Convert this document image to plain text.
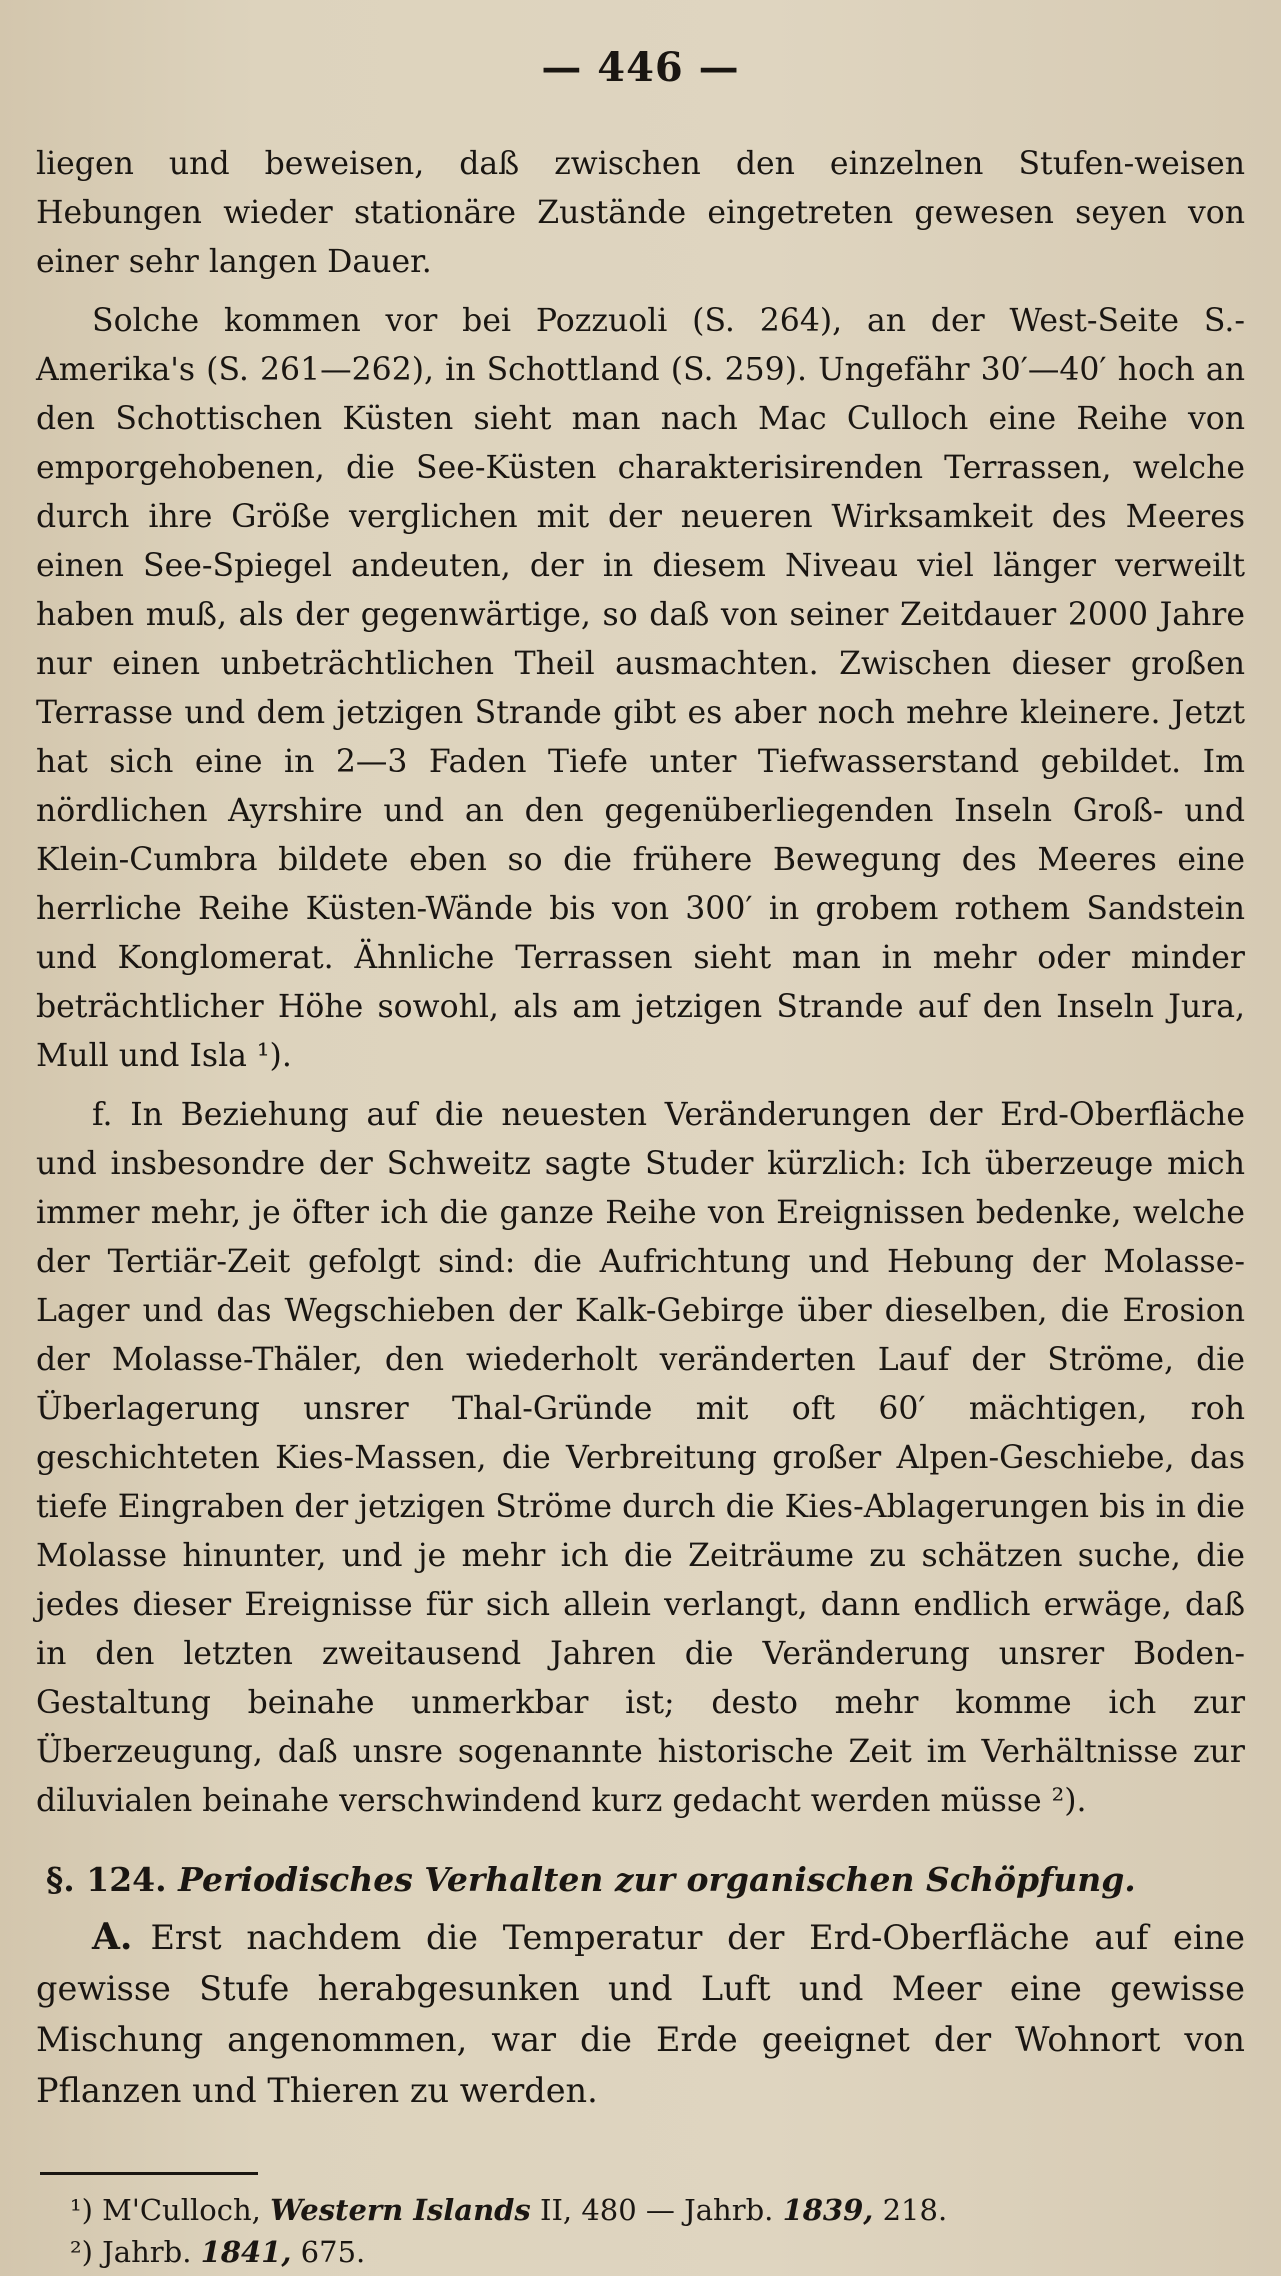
— 446 —

liegen und beweisen, daß zwischen den einzelnen Stufen-weisen Hebungen wieder stationäre Zustände eingetreten gewesen seyen von einer sehr langen Dauer.

Solche kommen vor bei Pozzuoli (S. 264), an der West-Seite S.-Amerika's (S. 261—262), in Schottland (S. 259). Ungefähr 30′—40′ hoch an den Schottischen Küsten sieht man nach Mac Culloch eine Reihe von emporgehobenen, die See-Küsten charakterisirenden Terrassen, welche durch ihre Größe verglichen mit der neueren Wirksamkeit des Meeres einen See-Spiegel andeuten, der in diesem Niveau viel länger verweilt haben muß, als der gegenwärtige, so daß von seiner Zeitdauer 2000 Jahre nur einen unbeträchtlichen Theil ausmachten. Zwischen dieser großen Terrasse und dem jetzigen Strande gibt es aber noch mehre kleinere. Jetzt hat sich eine in 2—3 Faden Tiefe unter Tiefwasserstand gebildet. Im nördlichen Ayrshire und an den gegenüberliegenden Inseln Groß- und Klein-Cumbra bildete eben so die frühere Bewegung des Meeres eine herrliche Reihe Küsten-Wände bis von 300′ in grobem rothem Sandstein und Konglomerat. Ähnliche Terrassen sieht man in mehr oder minder beträchtlicher Höhe sowohl, als am jetzigen Strande auf den Inseln Jura, Mull und Isla ¹).

f. In Beziehung auf die neuesten Veränderungen der Erd-Oberfläche und insbesondre der Schweitz sagte Studer kürzlich: Ich überzeuge mich immer mehr, je öfter ich die ganze Reihe von Ereignissen bedenke, welche der Tertiär-Zeit gefolgt sind: die Aufrichtung und Hebung der Molasse-Lager und das Wegschieben der Kalk-Gebirge über dieselben, die Erosion der Molasse-Thäler, den wiederholt veränderten Lauf der Ströme, die Überlagerung unsrer Thal-Gründe mit oft 60′ mächtigen, roh geschichteten Kies-Massen, die Verbreitung großer Alpen-Geschiebe, das tiefe Eingraben der jetzigen Ströme durch die Kies-Ablagerungen bis in die Molasse hinunter, und je mehr ich die Zeiträume zu schätzen suche, die jedes dieser Ereignisse für sich allein verlangt, dann endlich erwäge, daß in den letzten zweitausend Jahren die Veränderung unsrer Boden-Gestaltung beinahe unmerkbar ist; desto mehr komme ich zur Überzeugung, daß unsre sogenannte historische Zeit im Verhältnisse zur diluvialen beinahe verschwindend kurz gedacht werden müsse ²).

§. 124. Periodisches Verhalten zur organischen Schöpfung.

A. Erst nachdem die Temperatur der Erd-Oberfläche auf eine gewisse Stufe herabgesunken und Luft und Meer eine gewisse Mischung angenommen, war die Erde geeignet der Wohnort von Pflanzen und Thieren zu werden.

¹) M'Culloch, Western Islands II, 480 — Jahrb. 1839, 218.

²) Jahrb. 1841, 675.
